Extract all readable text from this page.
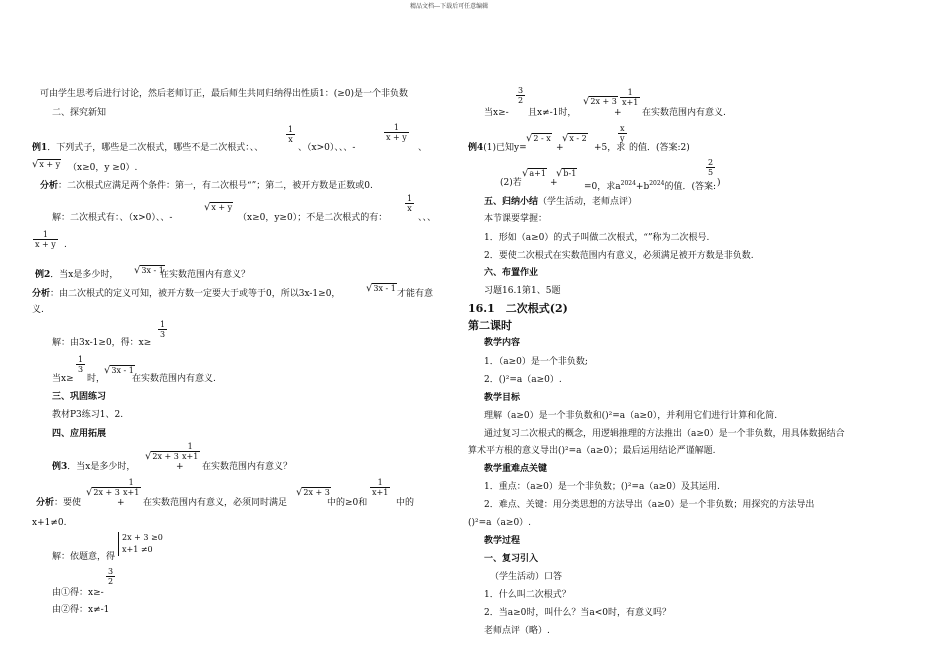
精品文档---下载后可任意编辑
可由学生思考后进行讨论，然后老师订正，最后师生共同归纳得出性质1：(≥0)是一个非负数
二、探究新知
例1．下列式子，哪些是二次根式，哪些不是二次根式：、、
1
x
、（x>0）、、、-
1
x + y
、
√x + y （x≥0，y ≥0）.
分析：二次根式应满足两个条件：第一，有二次根号“”；第二，被开方数是正数或0.
解：二次根式有：、（x>0）、、-
√x + y
（x≥0，y≥0）；不是二次根式的有：
1
x
、、、
1
x + y .
例2．当x是多少时， √3x - 1
在实数范围内有意义？
分析：由二次根式的定义可知，被开方数一定要大于或等于0，所以3x-1≥0，	√3x - 1
才能有意
义.
解：由3x-1≥0，得：x≥
1
3
当x≥
1
3
时，
√3x - 1
在实数范围内有意义.
三、巩固练习
教材P3练习1、2.
四、应用拓展
例3．当x是多少时，
√2x + 3
+
1
x+1
在实数范围内有意义？
分析：要使
√2x + 3
+
1
x+1
在实数范围内有意义，必须同时满足
√2x + 3
中的≥0和
1
x+1
中的
x+1≠0.
解：依题意，得
2x + 3 ≥0
x+1 ≠0
3
2
由①得：x≥-
由②得：x≠-1
3
2
当x≥- 且x≠-1时，
√2x + 3
+
1
x+1
在实数范围内有意义.
例4(1)已知y=
√2 - x
+
√x - 2
+5，求
x
y
的值．(答案:2)
(2)若
√a+1
+
√b-1
=0，求$a^{2024}+b^{2024}$的值．(答案:
2
5
)
五、归纳小结（学生活动，老师点评）
本节课要掌握：
1．形如（a≥0）的式子叫做二次根式，“”称为二次根号.
2．要使二次根式在实数范围内有意义，必须满足被开方数是非负数.
六、布置作业
习题16.1第1、5题
16.1　二次根式(2)
第二课时
教学内容
1．（a≥0）是一个非负数;
2．()²=a（a≥0）.
教学目标
理解（a≥0）是一个非负数和()²=a（a≥0），并利用它们进行计算和化简.
通过复习二次根式的概念，用逻辑推理的方法推出（a≥0）是一个非负数，用具体数据结合
算术平方根的意义导出()²=a（a≥0）；最后运用结论严谨解题.
教学重难点关键
1．重点：（a≥0）是一个非负数；()²=a（a≥0）及其运用.
2．难点、关键：用分类思想的方法导出（a≥0）是一个非负数；用探究的方法导出
()²=a（a≥0）.
教学过程
一、复习引入
（学生活动）口答
1．什么叫二次根式？
2．当a≥0时，叫什么？当a<0时，有意义吗？
老师点评（略）.
